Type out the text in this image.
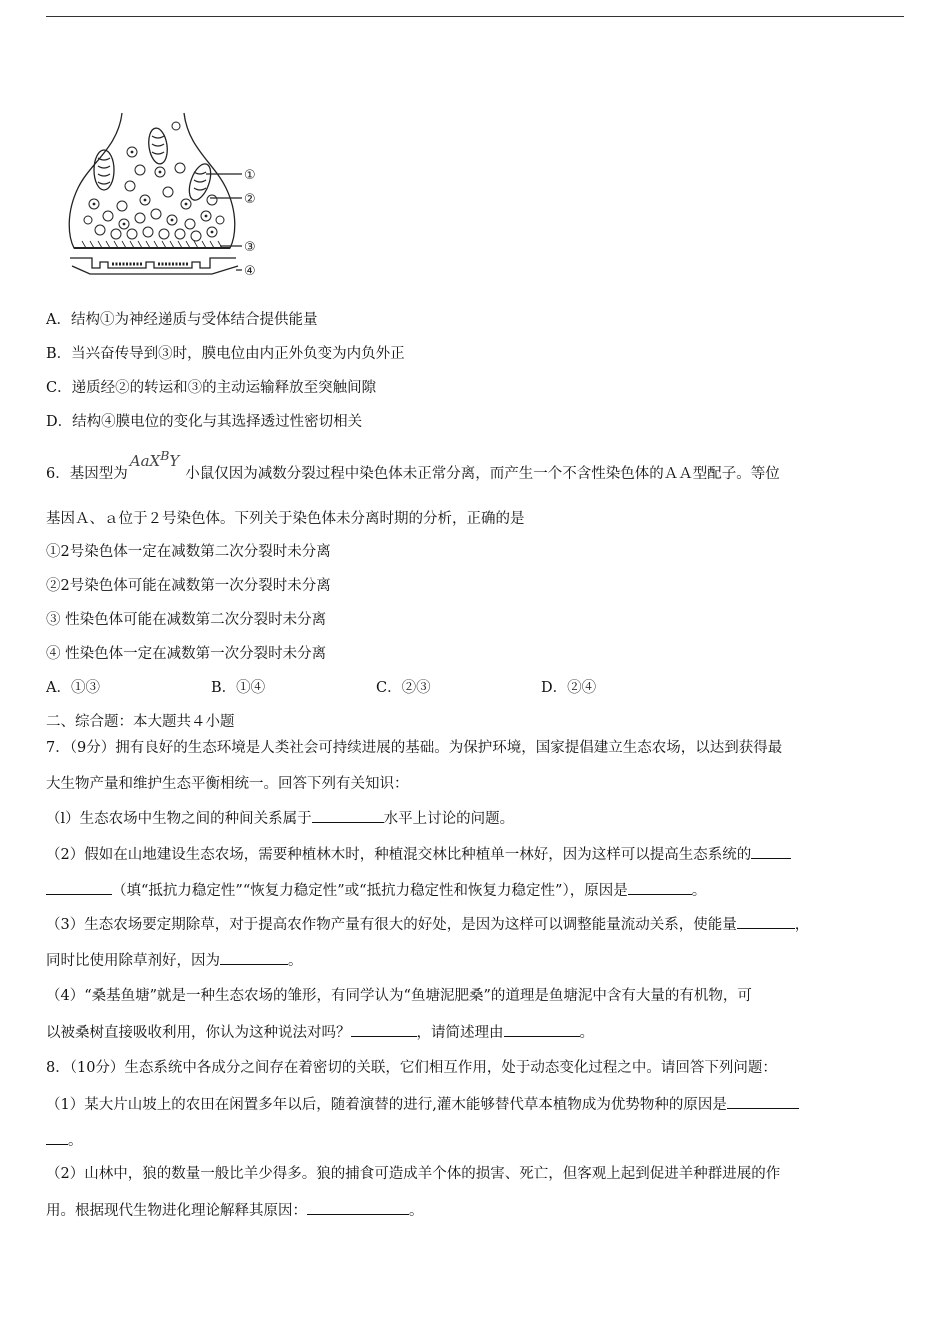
①
②
③
④
A．结构①为神经递质与受体结合提供能量
B．当兴奋传导到③时，膜电位由内正外负变为内负外正
C．递质经②的转运和③的主动运输释放至突触间隙
D．结构④膜电位的变化与其选择透过性密切相关
6．基因型为AaX$^B$Y小鼠仅因为减数分裂过程中染色体未正常分离，而产生一个不含性染色体的ＡＡ型配子。等位
基因Ａ、ａ位于２号染色体。下列关于染色体未分离时期的分析，正确的是
①2号染色体一定在减数第二次分裂时未分离
②2号染色体可能在减数第一次分裂时未分离
③ 性染色体可能在减数第二次分裂时未分离
④ 性染色体一定在减数第一次分裂时未分离
A．①③	B．①④	C．②③	D．②④
二、综合题：本大题共４小题
7．（9分）拥有良好的生态环境是人类社会可持续进展的基础。为保护环境，国家提倡建立生态农场，以达到获得最
大生物产量和维护生态平衡相统一。回答下列有关知识：
（l）生态农场中生物之间的种间关系属于	水平上讨论的问题。
（2）假如在山地建设生态农场，需要种植林木时，种植混交林比种植单一林好，因为这样可以提高生态系统的
（填“抵抗力稳定性”“恢复力稳定性”或“抵抗力稳定性和恢复力稳定性”），原因是	。
（3）生态农场要定期除草，对于提高农作物产量有很大的好处，是因为这样可以调整能量流动关系，使能量	，
同时比使用除草剂好，因为	。
（4）“桑基鱼塘”就是一种生态农场的雏形，有同学认为“鱼塘泥肥桑”的道理是鱼塘泥中含有大量的有机物，可
以被桑树直接吸收利用，你认为这种说法对吗？	，请简述理由	。
8．（10分）生态系统中各成分之间存在着密切的关联，它们相互作用，处于动态变化过程之中。请回答下列问题：
（1）某大片山坡上的农田在闲置多年以后，随着演替的进行,灌木能够替代草本植物成为优势物种的原因是
。
（2）山林中，狼的数量一般比羊少得多。狼的捕食可造成羊个体的损害、死亡，但客观上起到促进羊种群进展的作
用。根据现代生物进化理论解释其原因：	。
